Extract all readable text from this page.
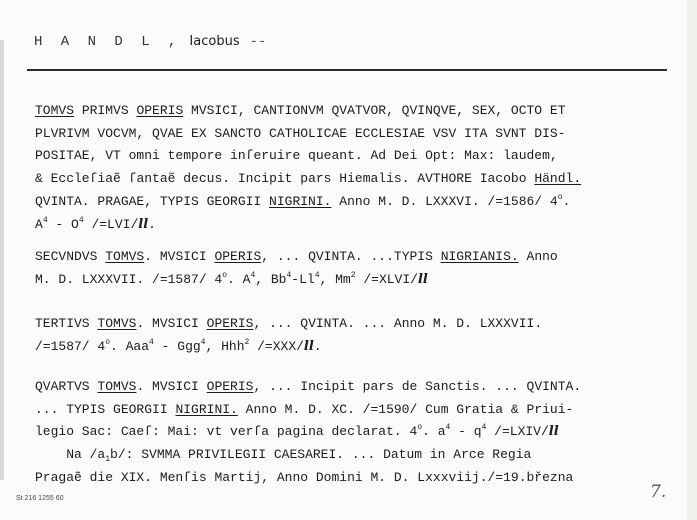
H A N D L , Iacobus --
TOMVS PRIMVS OPERIS MVSICI, CANTIONVM QVATVOR, QVINQVE, SEX, OCTO ET
PLVRIVM VOCVM, QVAE EX SANCTO CATHOLICAE ECCLESIAE VSV ITA SVNT DIS-
POSITAE, VT omni tempore inſeruire queant. Ad Dei Opt: Max: laudem,
& Eccleſiaẽ ſantaẽ decus. Incipit pars Hiemalis. AVTHORE Iacobo Händl.
QVINTA. PRAGAE, TYPIS GEORGII NIGRINI. Anno M. D. LXXXVI. /=1586/ 4$^o$.
$A^4 - O^4$ /=LVI/ll.
SECVNDVS TOMVS. MVSICI OPERIS, ... QVINTA. ...TYPIS NIGRIANIS. Anno
M. D. LXXXVII. /=1587/ 4$^o$. $A^4$, Bb$^4$-Ll$^4$, Mm$^2$ /=XLVI/ll
TERTIVS TOMVS. MVSICI OPERIS, ... QVINTA. ... Anno M. D. LXXXVII.
/=1587/ 4$^o$. Aaa$^4$ - Ggg$^4$, Hhh$^2$ /=XXX/ll.
QVARTVS TOMVS. MVSICI OPERIS, ... Incipit pars de Sanctis. ... QVINTA.
... TYPIS GEORGII NIGRINI. Anno M. D. XC. /=1590/ Cum Gratia & Priui-
legio Sac: Caeſ: Mai: vt verſa pagina declarat. 4$^o$. $a^4 - q^4$ /=LXIV/ll
Na $/a_1b/$: SVMMA PRIVILEGII CAESAREI. ... Datum in Arce Regia
Pragaẽ die XIX. Menſis Martij, Anno Domini M. D. Lxxxviij./=19.března
St 216 1255 60	7.
